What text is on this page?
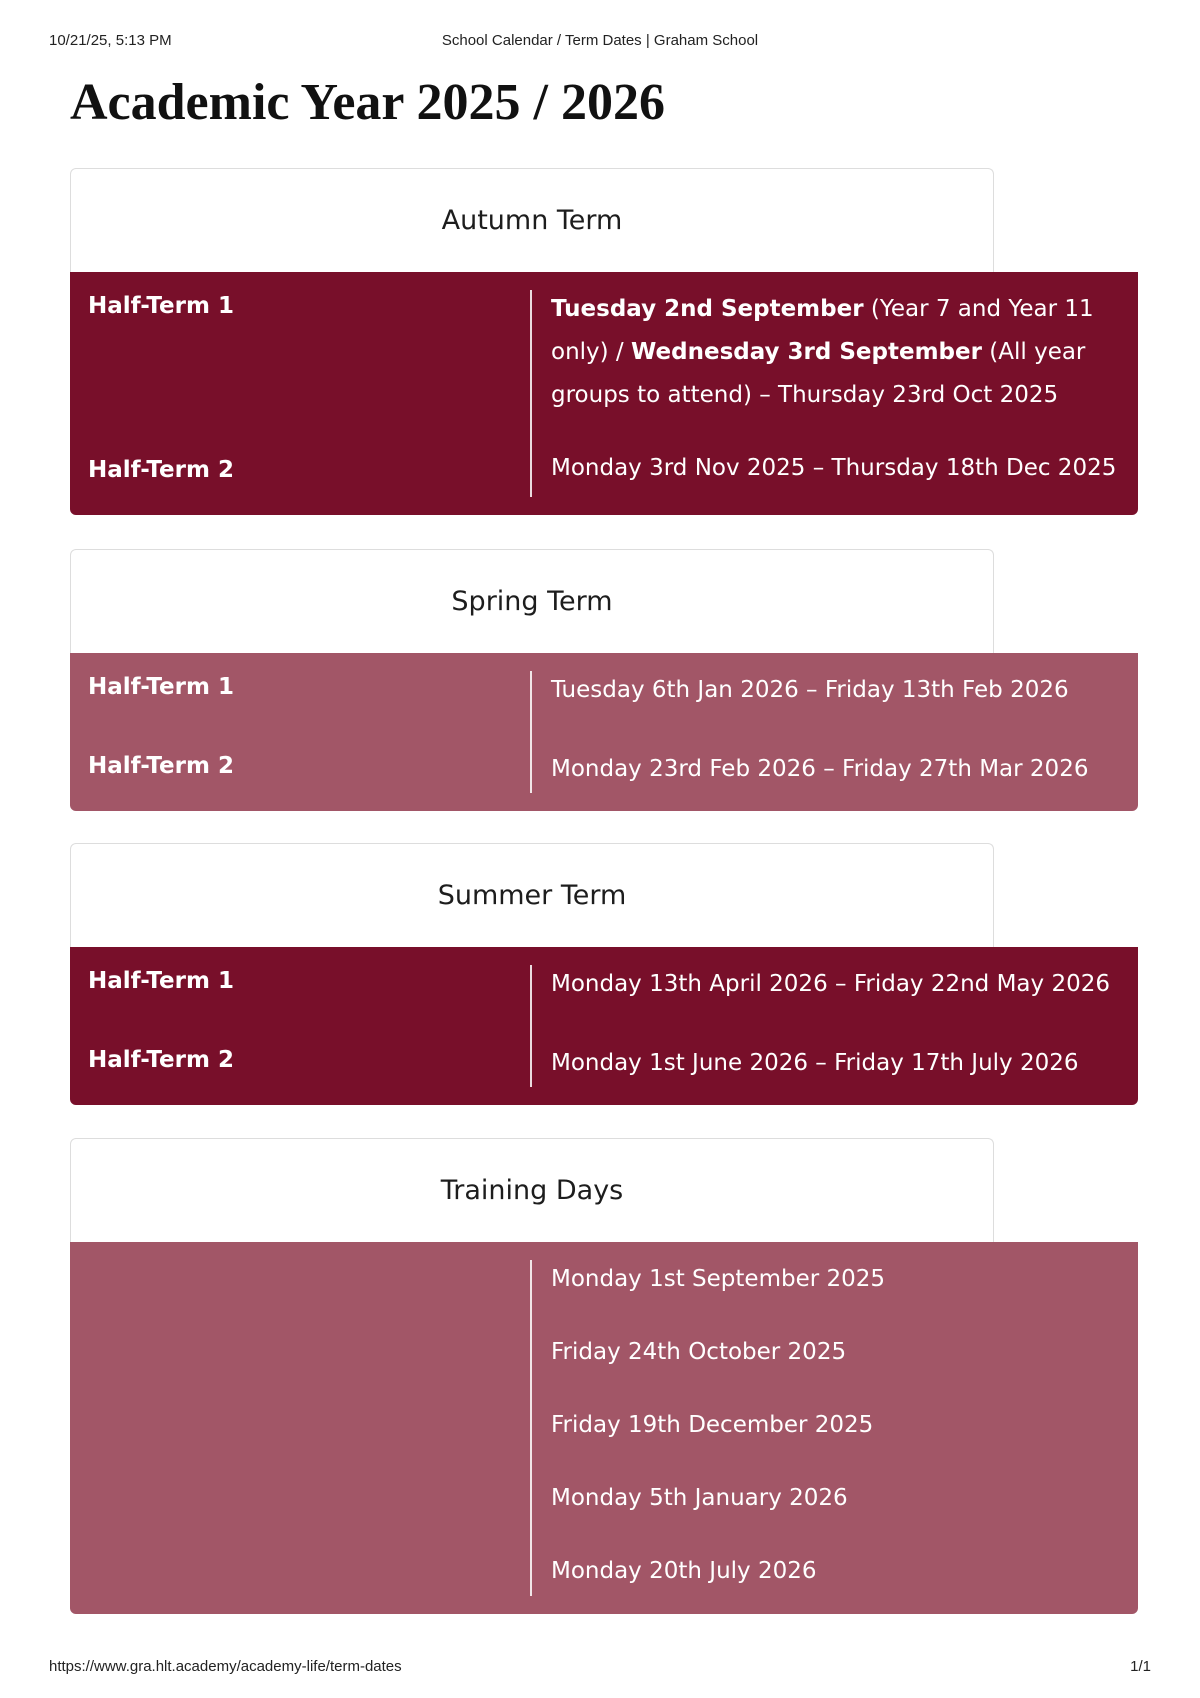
10/21/25, 5:13 PM	School Calendar / Term Dates | Graham School
Academic Year 2025 / 2026
Autumn Term
Half-Term 1	Tuesday 2nd September (Year 7 and Year 11 only) / Wednesday 3rd September (All year groups to attend) – Thursday 23rd Oct 2025
Half-Term 2	Monday 3rd Nov 2025 – Thursday 18th Dec 2025
Spring Term
Half-Term 1	Tuesday 6th Jan 2026 – Friday 13th Feb 2026
Half-Term 2	Monday 23rd Feb 2026 – Friday 27th Mar 2026
Summer Term
Half-Term 1	Monday 13th April 2026 – Friday 22nd May 2026
Half-Term 2	Monday 1st June 2026 – Friday 17th July 2026
Training Days
Monday 1st September 2025
Friday 24th October 2025
Friday 19th December 2025
Monday 5th January 2026
Monday 20th July 2026
https://www.gra.hlt.academy/academy-life/term-dates	1/1
